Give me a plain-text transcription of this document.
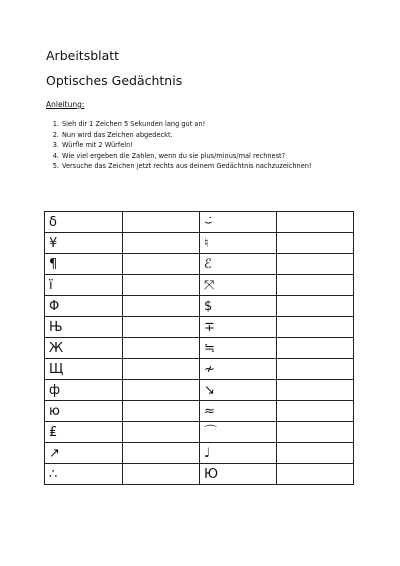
Arbeitsblatt
Optisches Gedächtnis

Anleitung:

1. Sieh dir 1 Zeichen 5 Sekunden lang gut an!
2. Nun wird das Zeichen abgedeckt.
3. Würfle mit 2 Würfeln!
4. Wie viel ergeben die Zahlen, wenn du sie plus/minus/mal rechnest?
5. Versuche das Zeichen jetzt rechts aus deinem Gedächtnis nachzuzeichnen!
δ		⌣̇	
¥		♮	
¶		ℰ	
ï		⤧	
Φ		$	
Њ		∓	
Ж		≒	
Щ		≁	
ф		↘	
ю		≈	
₤		⌒	
↗		♩	
∴		Ю	
